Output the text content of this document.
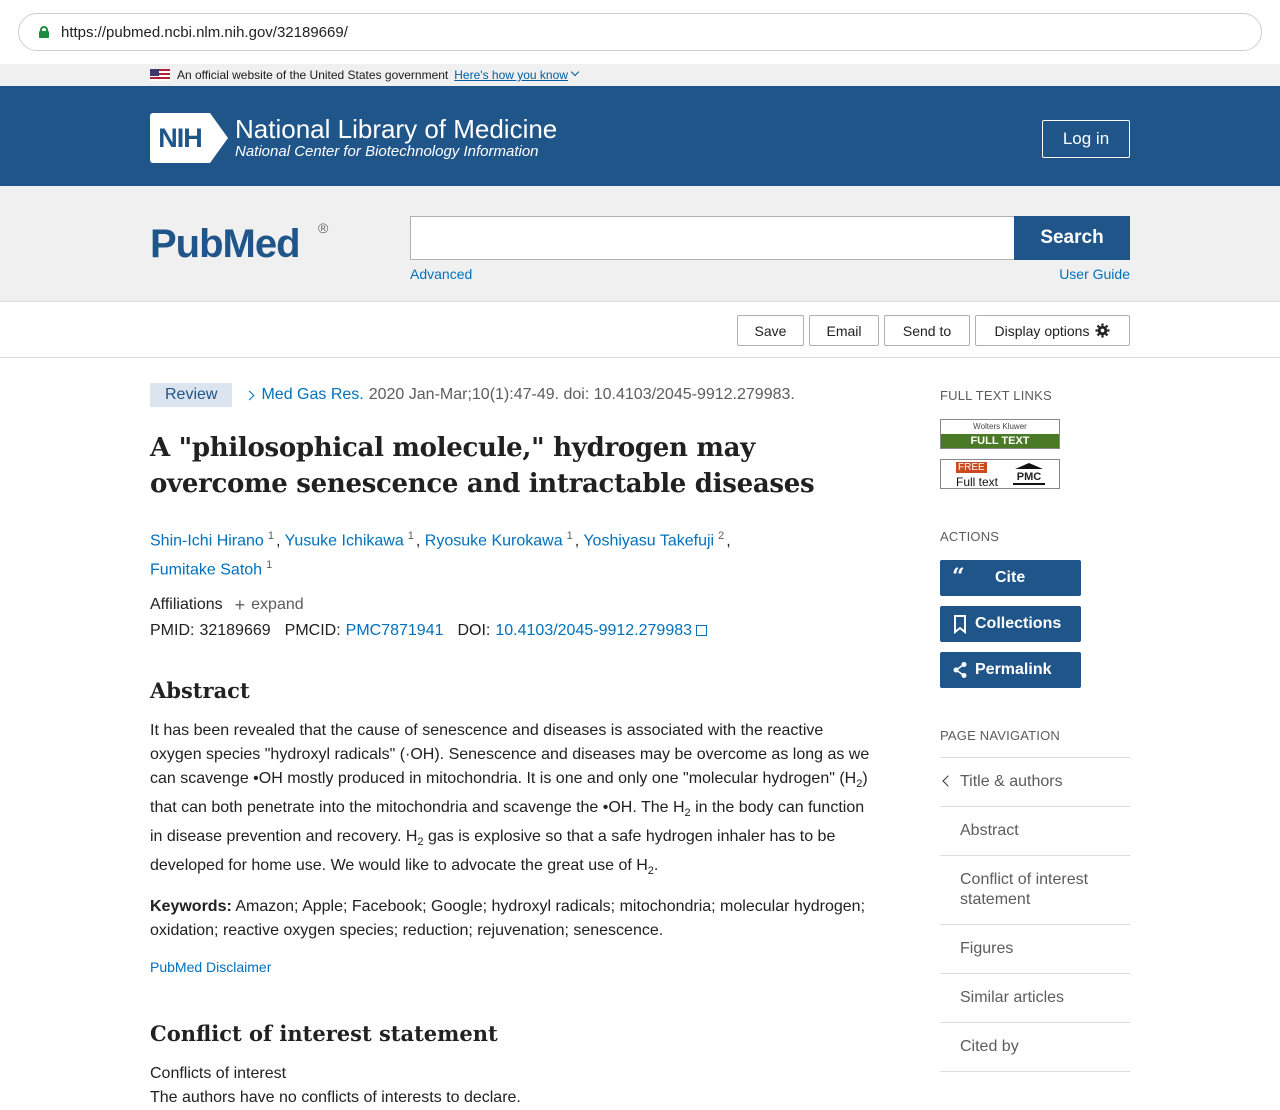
https://pubmed.ncbi.nlm.nih.gov/32189669/
An official website of the United States government Here's how you know
NIH	National Library of Medicine
National Center for Biotechnology Information
Log in
PubMed ®	Search
Advanced	User Guide
Save	Email	Send to	Display options
Review	Med Gas Res. 2020 Jan-Mar;10(1):47-49. doi: 10.4103/2045-9912.279983.
A "philosophical molecule," hydrogen may overcome senescence and intractable diseases
Shin-Ichi Hirano $^1$ , Yusuke Ichikawa $^1$ , Ryosuke Kurokawa $^1$ , Yoshiyasu Takefuji $^2$ ,
Fumitake Satoh $^1$
Affiliations + expand
PMID: 32189669 PMCID: PMC7871941 DOI: 10.4103/2045-9912.279983
Abstract

It has been revealed that the cause of senescence and diseases is associated with the reactive oxygen species "hydroxyl radicals" (·OH). Senescence and diseases may be overcome as long as we can scavenge •OH mostly produced in mitochondria. It is one and only one "molecular hydrogen" $(H_2)$ that can both penetrate into the mitochondria and scavenge the •OH. The $H_2$ in the body can function in disease prevention and recovery. $H_2$ gas is explosive so that a safe hydrogen inhaler has to be developed for home use. We would like to advocate the great use of $H_2$.

Keywords: Amazon; Apple; Facebook; Google; hydroxyl radicals; mitochondria; molecular hydrogen; oxidation; reactive oxygen species; reduction; rejuvenation; senescence.

PubMed Disclaimer
Conflict of interest statement

Conflicts of interest
The authors have no conflicts of interests to declare.

FULL TEXT LINKS
Wolters Kluwer
FULL TEXT
FREE
Full text	PMC
ACTIONS
“ Cite
Collections
Permalink
PAGE NAVIGATION
Title & authors
Abstract
Conflict of interest statement
Figures
Similar articles
Cited by
